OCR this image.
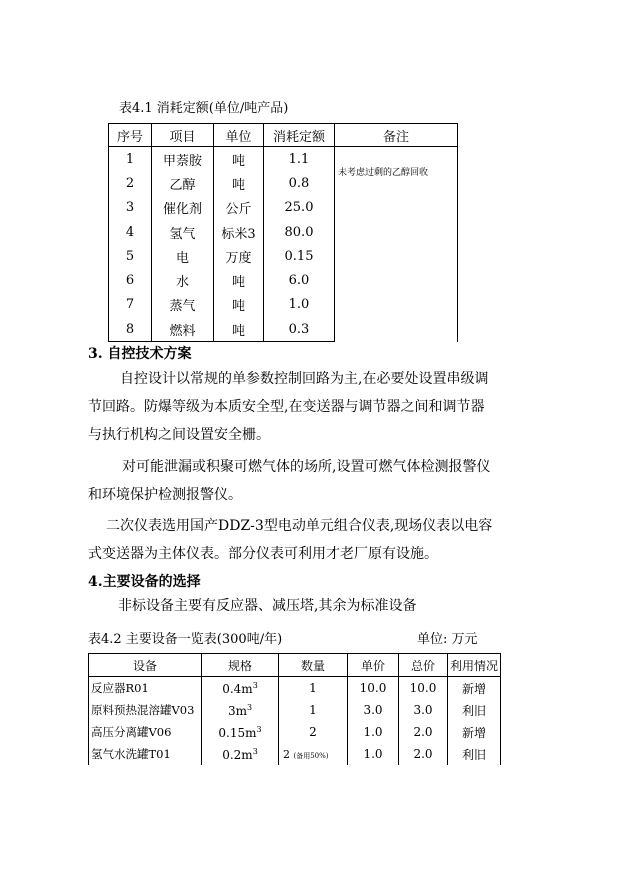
表4.1 消耗定额(单位/吨产品)
序号	项目	单位	消耗定额	备注
1	甲萘胺	吨	1.1	未考虑过剩的乙醇回收
2	乙醇	吨	0.8	
3	催化剂	公斤	25.0	
4	氢气	标米3	80.0	
5	电	万度	0.15	
6	水	吨	6.0	
7	蒸气	吨	1.0	
8	燃料	吨	0.3	
3. 自控技术方案
自控设计以常规的单参数控制回路为主,在必要处设置串级调
节回路。防爆等级为本质安全型,在变送器与调节器之间和调节器
与执行机构之间设置安全栅。
对可能泄漏或积聚可燃气体的场所,设置可燃气体检测报警仪
和环境保护检测报警仪。
二次仪表选用国产DDZ-3型电动单元组合仪表,现场仪表以电容
式变送器为主体仪表。部分仪表可利用才老厂原有设施。
4.主要设备的选择
非标设备主要有反应器、减压塔,其余为标准设备
表4.2 主要设备一览表(300吨/年)	单位: 万元
设备	规格	数量	单价	总价	利用情况
反应器R01	$0.4m^3$	1	10.0	10.0	新增
原料预热混溶罐V03	$3m^3$	1	3.0	3.0	利旧
高压分离罐V06	$0.15m^3$	2	1.0	2.0	新增
氢气水洗罐T01	$0.2m^3$	2 (备用50%)	1.0	2.0	利旧
